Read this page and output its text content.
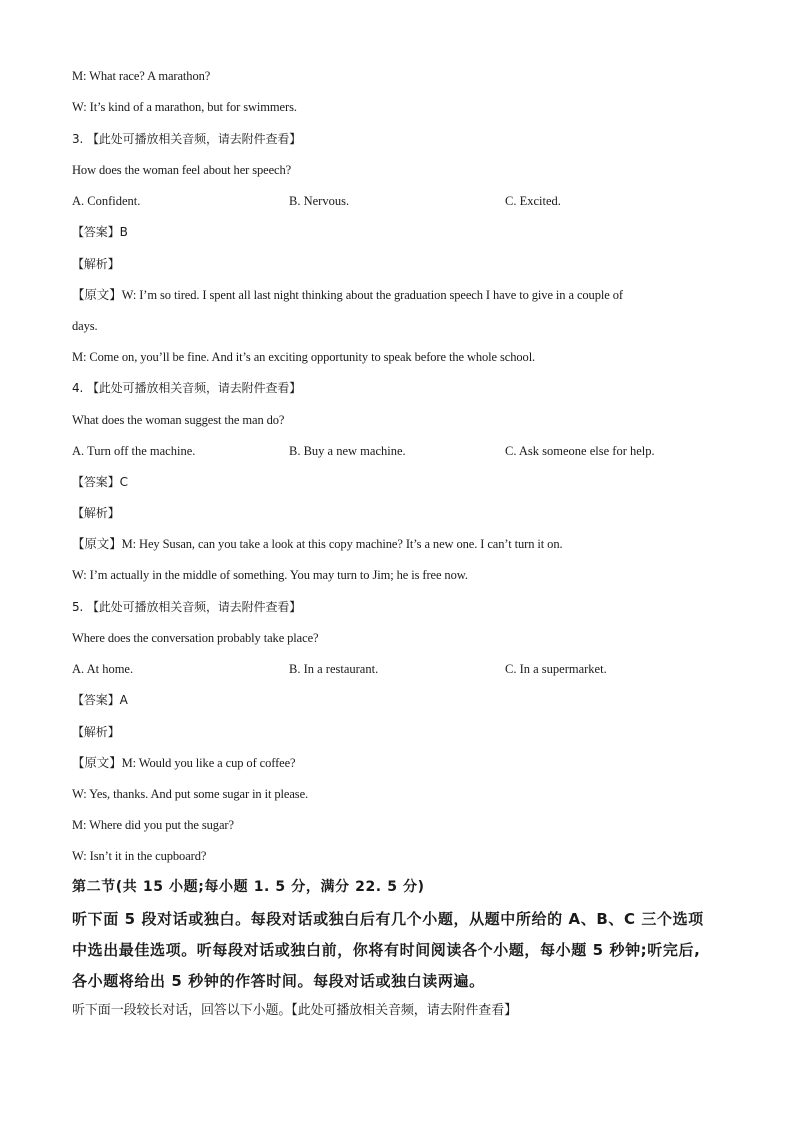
M: What race? A marathon?
W: It’s kind of a marathon, but for swimmers.
3. 【此处可播放相关音频，请去附件查看】
How does the woman feel about her speech?
A. Confident.	B. Nervous.	C. Excited.
【答案】B
【解析】
【原文】W: I’m so tired. I spent all last night thinking about the graduation speech I have to give in a couple of
days.
M: Come on, you’ll be fine. And it’s an exciting opportunity to speak before the whole school.
4. 【此处可播放相关音频，请去附件查看】
What does the woman suggest the man do?
A. Turn off the machine.	B. Buy a new machine.	C. Ask someone else for help.
【答案】C
【解析】
【原文】M: Hey Susan, can you take a look at this copy machine? It’s a new one. I can’t turn it on.
W: I’m actually in the middle of something. You may turn to Jim; he is free now.
5. 【此处可播放相关音频，请去附件查看】
Where does the conversation probably take place?
A. At home.	B. In a restaurant.	C. In a supermarket.
【答案】A
【解析】
【原文】M: Would you like a cup of coffee?
W: Yes, thanks. And put some sugar in it please.
M: Where did you put the sugar?
W: Isn’t it in the cupboard?
第二节(共 15 小题;每小题 1. 5 分，满分 22. 5 分)
听下面 5 段对话或独白。每段对话或独白后有几个小题，从题中所给的 A、B、C 三个选项
中选出最佳选项。听每段对话或独白前，你将有时间阅读各个小题，每小题 5 秒钟;听完后,
各小题将给出 5 秒钟的作答时间。每段对话或独白读两遍。
听下面一段较长对话，回答以下小题。【此处可播放相关音频，请去附件查看】
